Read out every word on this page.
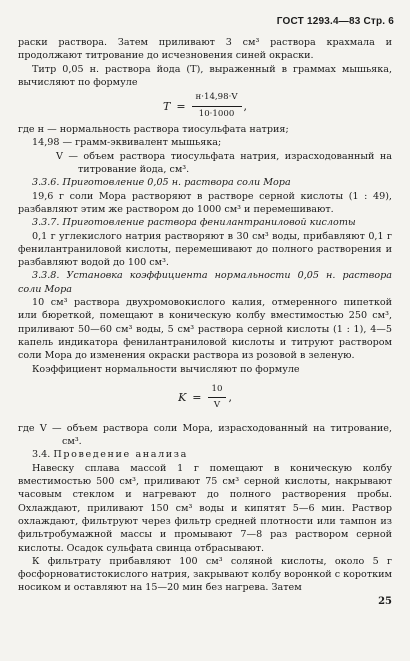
ГОСТ 1293.4—83 Стр. 6

раски раствора. Затем приливают 3 см³ раствора крахмала и продолжают титрование до исчезновения синей окраски.

Титр 0,05 н. раствора йода (T), выраженный в граммах мышьяка, вычисляют по формуле

$T = \frac{н\cdot 14,98\cdot V}{10\cdot 1000}$ ,

где н — нормальность раствора тиосульфата натрия;

14,98 — грамм-эквивалент мышьяка;

V — объем раствора тиосульфата натрия, израсходованный на титрование йода, см³.

3.3.6. Приготовление 0,05 н. раствора соли Мора

19,6 г соли Мора растворяют в растворе серной кислоты (1 : 49), разбавляют этим же раствором до 1000 см³ и перемешивают.

3.3.7. Приготовление раствора фенилантраниловой кислоты

0,1 г углекислого натрия растворяют в 30 см³ воды, прибавляют 0,1 г фенилантраниловой кислоты, перемешивают до полного растворения и разбавляют водой до 100 см³.

3.3.8. Установка коэффициента нормальности 0,05 н. раствора соли Мора

10 см³ раствора двухромовокислого калия, отмеренного пипеткой или бюреткой, помещают в коническую колбу вместимостью 250 см³, приливают 50—60 см³ воды, 5 см³ раствора серной кислоты (1 : 1), 4—5 капель индикатора фенилантраниловой кислоты и титруют раствором соли Мора до изменения окраски раствора из розовой в зеленую.

Коэффициент нормальности вычисляют по формуле

$K = \frac{10}{V}$ ,

где V — объем раствора соли Мора, израсходованный на титрование, см³.

3.4. Проведение анализа

Навеску сплава массой 1 г помещают в коническую колбу вместимостью 500 см³, приливают 75 см³ серной кислоты, накрывают часовым стеклом и нагревают до полного растворения пробы. Охлаждают, приливают 150 см³ воды и кипятят 5—6 мин. Раствор охлаждают, фильтруют через фильтр средней плотности или тампон из фильтробумажной массы и промывают 7—8 раз раствором серной кислоты. Осадок сульфата свинца отбрасывают.

К фильтрату прибавляют 100 см³ соляной кислоты, около 5 г фосфорноватистокислого натрия, закрывают колбу воронкой с коротким носиком и оставляют на 15—20 мин без нагрева. Затем

25
